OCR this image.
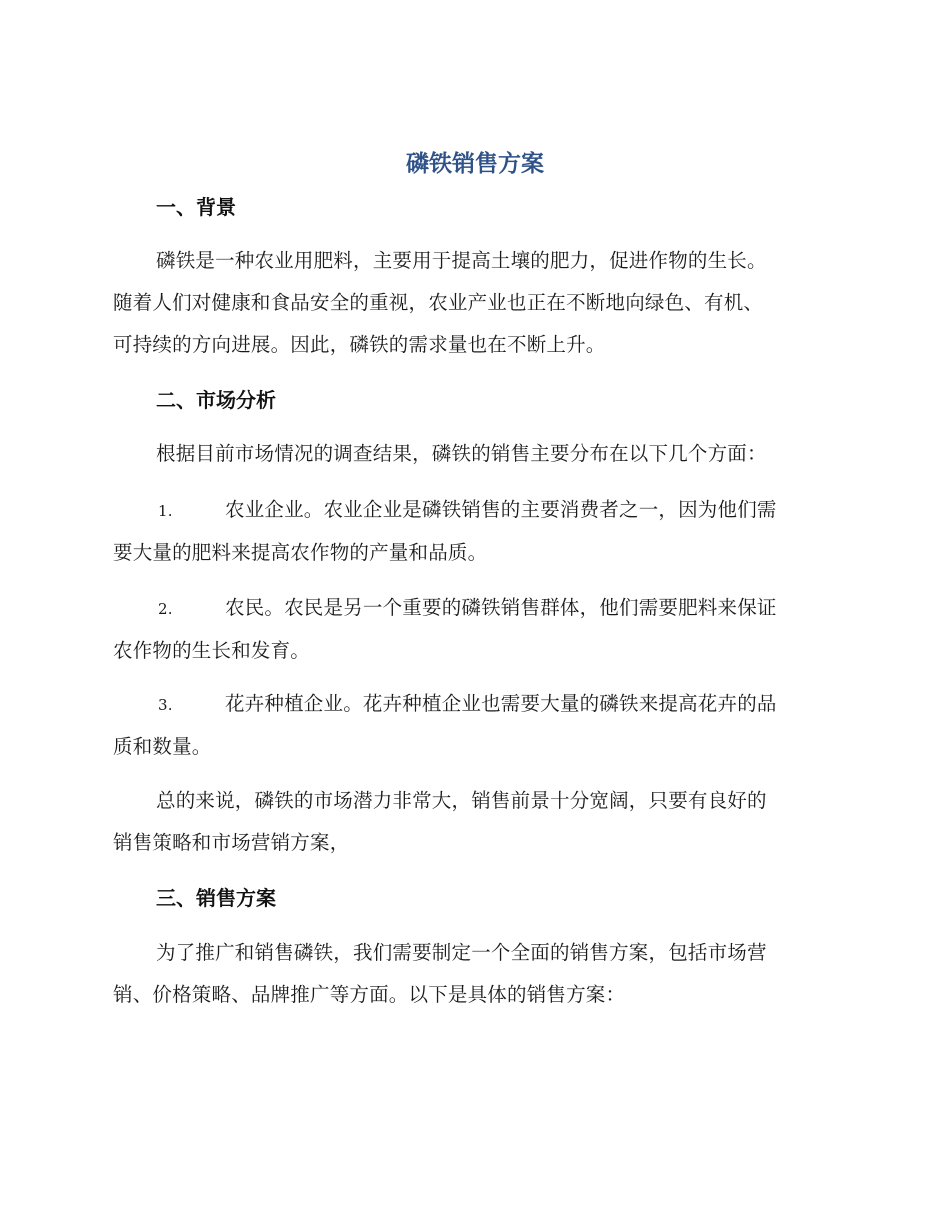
磷铁销售方案
一、背景
磷铁是一种农业用肥料，主要用于提高土壤的肥力，促进作物的生长。
随着人们对健康和食品安全的重视，农业产业也正在不断地向绿色、有机、
可持续的方向进展。因此，磷铁的需求量也在不断上升。
二、市场分析
根据目前市场情况的调查结果，磷铁的销售主要分布在以下几个方面：
1.	农业企业。农业企业是磷铁销售的主要消费者之一，因为他们需
要大量的肥料来提高农作物的产量和品质。
2.	农民。农民是另一个重要的磷铁销售群体，他们需要肥料来保证
农作物的生长和发育。
3.	花卉种植企业。花卉种植企业也需要大量的磷铁来提高花卉的品
质和数量。
总的来说，磷铁的市场潜力非常大，销售前景十分宽阔，只要有良好的
销售策略和市场营销方案，
三、销售方案
为了推广和销售磷铁，我们需要制定一个全面的销售方案，包括市场营
销、价格策略、品牌推广等方面。以下是具体的销售方案：
